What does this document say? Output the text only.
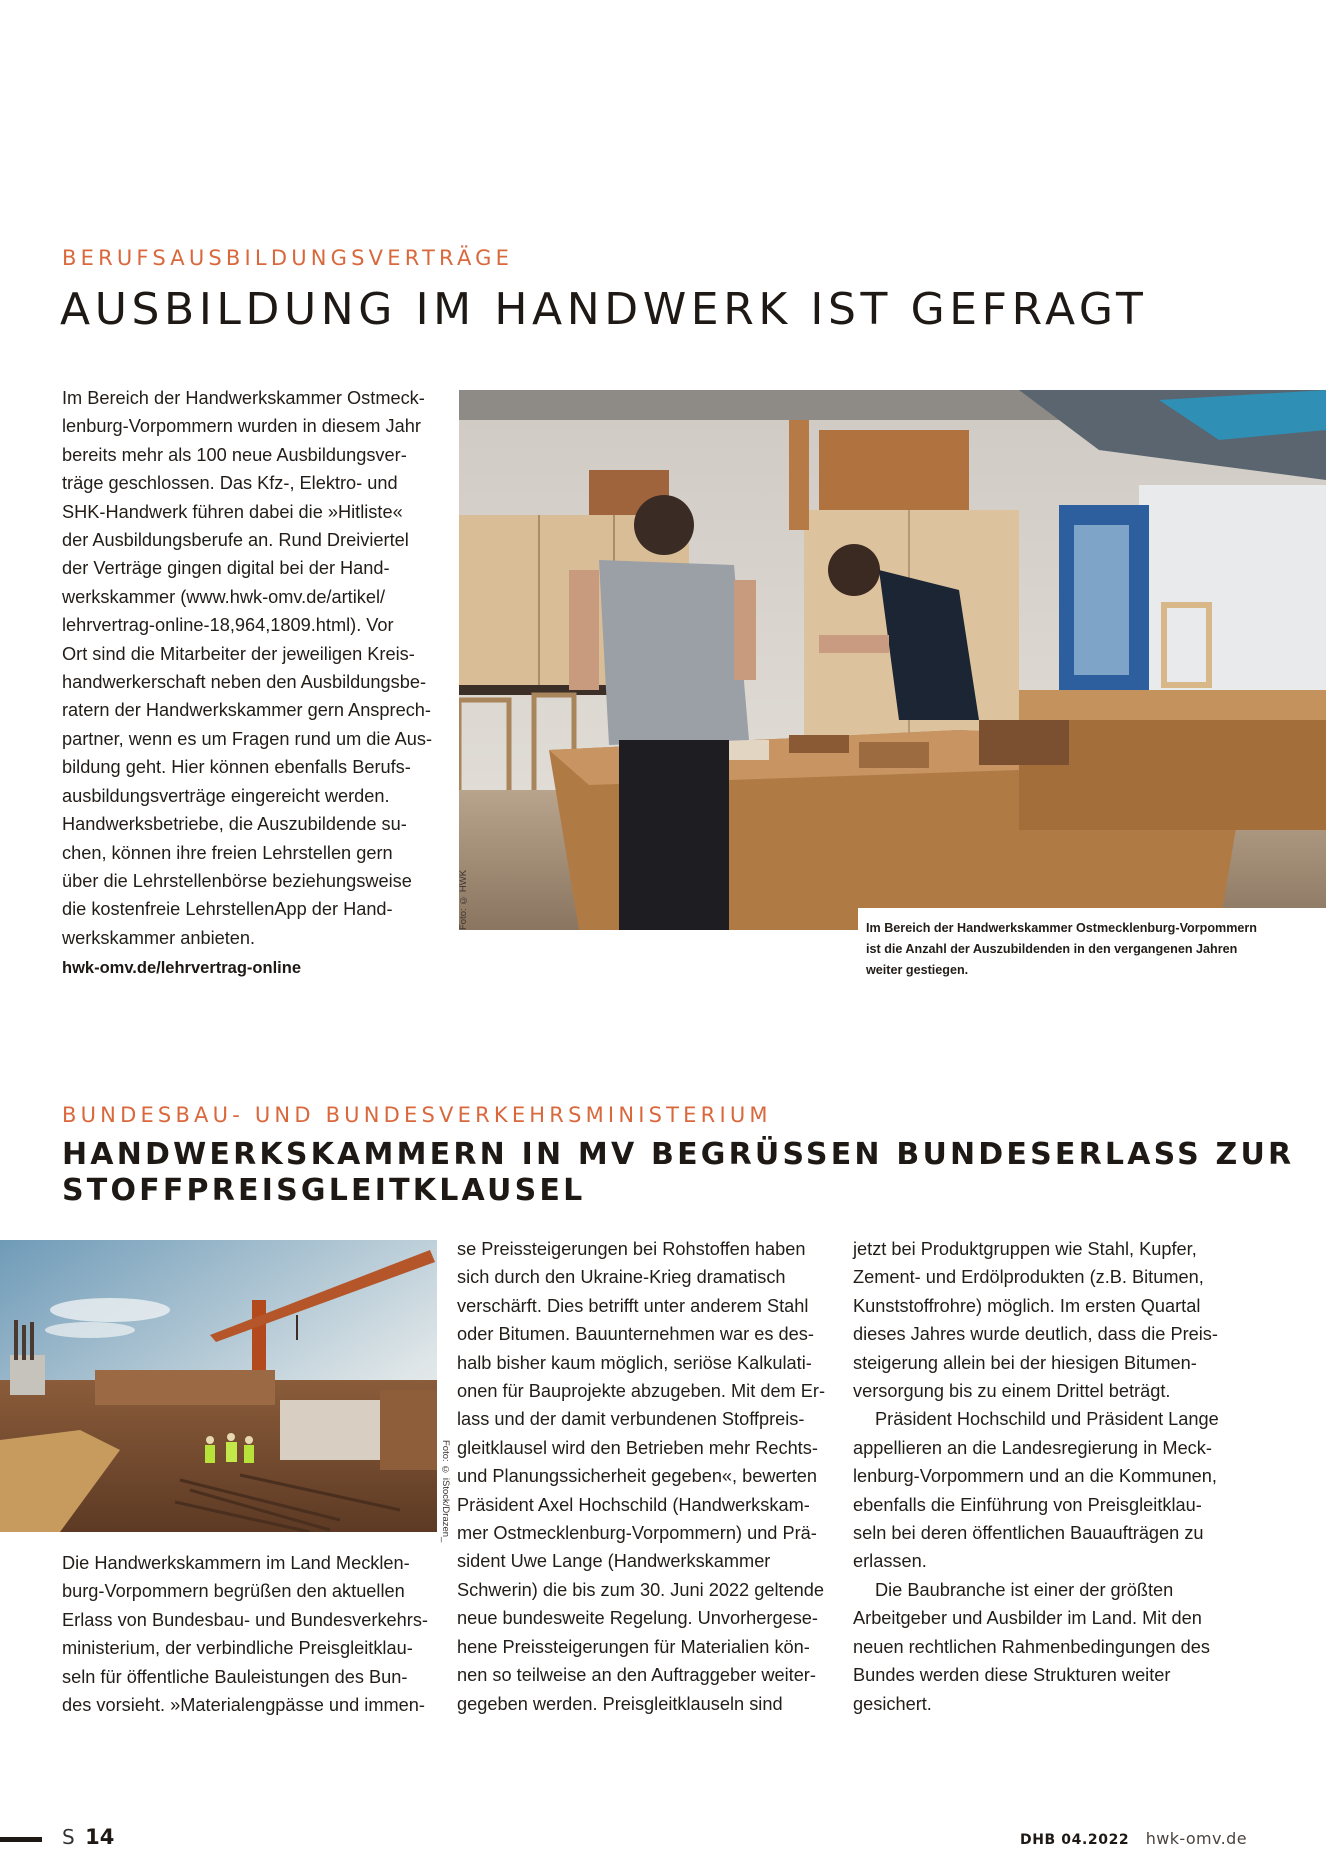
BERUFSAUSBILDUNGSVERTRÄGE
AUSBILDUNG IM HANDWERK IST GEFRAGT
Im Bereich der Handwerkskammer Ostmeck-
lenburg-Vorpommern wurden in diesem Jahr
bereits mehr als 100 neue Ausbildungsver-
träge geschlossen. Das Kfz-, Elektro- und
SHK-Handwerk führen dabei die »Hitliste«
der Ausbildungsberufe an. Rund Dreiviertel
der Verträge gingen digital bei der Hand-
werkskammer (www.hwk-omv.de/artikel/
lehrvertrag-online-18,964,1809.html). Vor
Ort sind die Mitarbeiter der jeweiligen Kreis-
handwerkerschaft neben den Ausbildungsbe-
ratern der Handwerkskammer gern Ansprech-
partner, wenn es um Fragen rund um die Aus-
bildung geht. Hier können ebenfalls Berufs-
ausbildungsverträge eingereicht werden.
Handwerksbetriebe, die Auszubildende su-
chen, können ihre freien Lehrstellen gern
über die Lehrstellenbörse beziehungsweise
die kostenfreie LehrstellenApp der Hand-
werkskammer anbieten.
hwk-omv.de/lehrvertrag-online
Foto: © HWK	Im Bereich der Handwerkskammer Ostmecklenburg-Vorpommern
ist die Anzahl der Auszubildenden in den vergangenen Jahren
weiter gestiegen.
BUNDESBAU- UND BUNDESVERKEHRSMINISTERIUM
HANDWERKSKAMMERN IN MV BEGRÜSSEN BUNDESERLASS ZUR
STOFFPREISGLEITKLAUSEL
Foto: © iStock/Drazen_
Die Handwerkskammern im Land Mecklen-
burg-Vorpommern begrüßen den aktuellen
Erlass von Bundesbau- und Bundesverkehrs-
ministerium, der verbindliche Preisgleitklau-
seln für öffentliche Bauleistungen des Bun-
des vorsieht. »Materialengpässe und immen-
se Preissteigerungen bei Rohstoffen haben
sich durch den Ukraine-Krieg dramatisch
verschärft. Dies betrifft unter anderem Stahl
oder Bitumen. Bauunternehmen war es des-
halb bisher kaum möglich, seriöse Kalkulati-
onen für Bauprojekte abzugeben. Mit dem Er-
lass und der damit verbundenen Stoffpreis-
gleitklausel wird den Betrieben mehr Rechts-
und Planungssicherheit gegeben«, bewerten
Präsident Axel Hochschild (Handwerkskam-
mer Ostmecklenburg-Vorpommern) und Prä-
sident Uwe Lange (Handwerkskammer
Schwerin) die bis zum 30. Juni 2022 geltende
neue bundesweite Regelung. Unvorhergese-
hene Preissteigerungen für Materialien kön-
nen so teilweise an den Auftraggeber weiter-
gegeben werden. Preisgleitklauseln sind
jetzt bei Produktgruppen wie Stahl, Kupfer,
Zement- und Erdölprodukten (z.B. Bitumen,
Kunststoffrohre) möglich. Im ersten Quartal
dieses Jahres wurde deutlich, dass die Preis-
steigerung allein bei der hiesigen Bitumen-
versorgung bis zu einem Drittel beträgt.
Präsident Hochschild und Präsident Lange
appellieren an die Landesregierung in Meck-
lenburg-Vorpommern und an die Kommunen,
ebenfalls die Einführung von Preisgleitklau-
seln bei deren öffentlichen Bauaufträgen zu
erlassen.
Die Baubranche ist einer der größten
Arbeitgeber und Ausbilder im Land. Mit den
neuen rechtlichen Rahmenbedingungen des
Bundes werden diese Strukturen weiter
gesichert.
S 14	DHB 04.2022 hwk-omv.de
